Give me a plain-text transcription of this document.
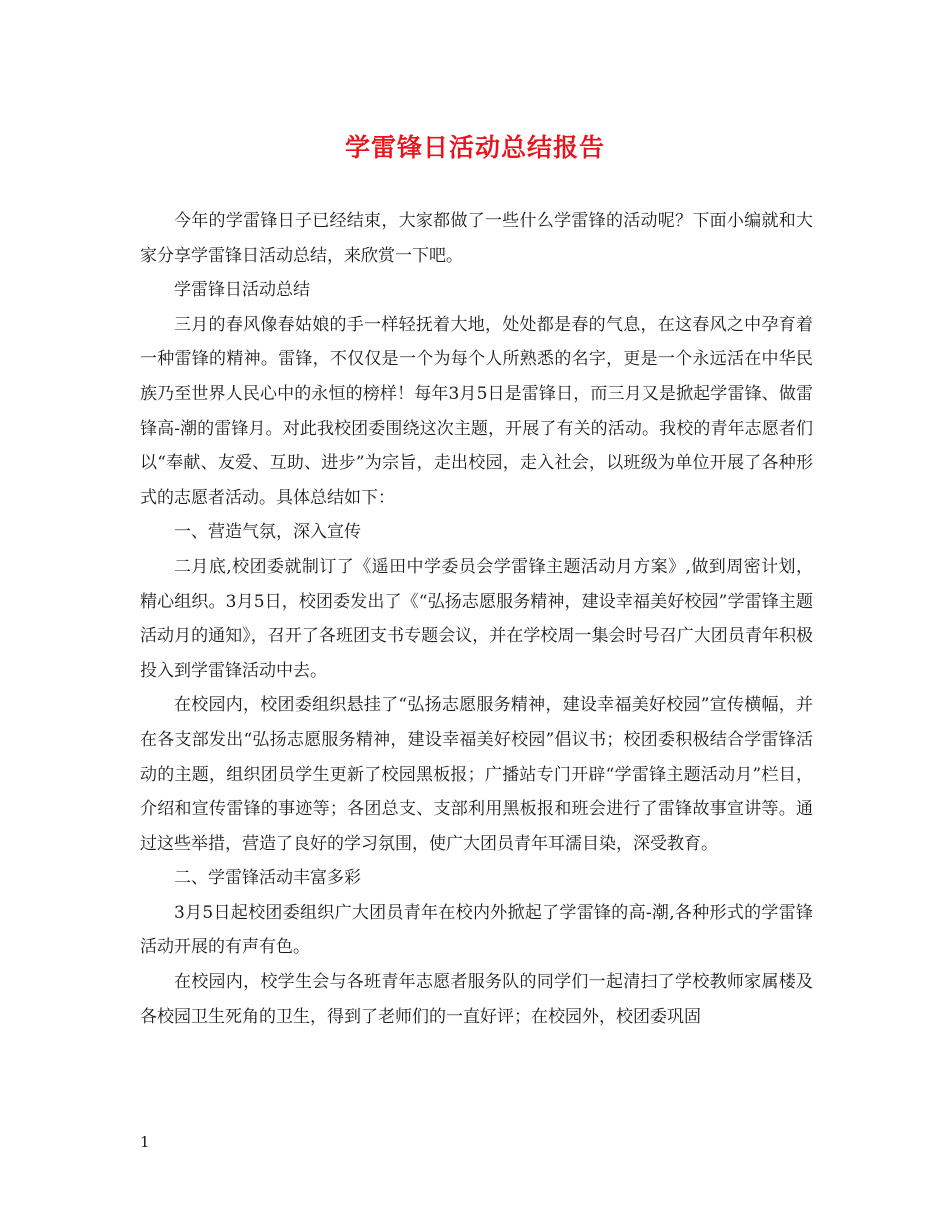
学雷锋日活动总结报告

今年的学雷锋日子已经结束，大家都做了一些什么学雷锋的活动呢？下面小编就和大家分享学雷锋日活动总结，来欣赏一下吧。

学雷锋日活动总结

三月的春风像春姑娘的手一样轻抚着大地，处处都是春的气息，在这春风之中孕育着一种雷锋的精神。雷锋，不仅仅是一个为每个人所熟悉的名字，更是一个永远活在中华民族乃至世界人民心中的永恒的榜样！每年3月5日是雷锋日，而三月又是掀起学雷锋、做雷锋高-潮的雷锋月。对此我校团委围绕这次主题，开展了有关的活动。我校的青年志愿者们以“奉献、友爱、互助、进步”为宗旨，走出校园，走入社会，以班级为单位开展了各种形式的志愿者活动。具体总结如下：

一、营造气氛，深入宣传

二月底,校团委就制订了《遥田中学委员会学雷锋主题活动月方案》,做到周密计划，精心组织。3月5日，校团委发出了《“弘扬志愿服务精神，建设幸福美好校园”学雷锋主题活动月的通知》，召开了各班团支书专题会议，并在学校周一集会时号召广大团员青年积极投入到学雷锋活动中去。

在校园内，校团委组织悬挂了“弘扬志愿服务精神，建设幸福美好校园”宣传横幅，并在各支部发出“弘扬志愿服务精神，建设幸福美好校园”倡议书；校团委积极结合学雷锋活动的主题，组织团员学生更新了校园黑板报；广播站专门开辟“学雷锋主题活动月”栏目，介绍和宣传雷锋的事迹等；各团总支、支部利用黑板报和班会进行了雷锋故事宣讲等。通过这些举措，营造了良好的学习氛围，使广大团员青年耳濡目染，深受教育。

二、学雷锋活动丰富多彩

3月5日起校团委组织广大团员青年在校内外掀起了学雷锋的高-潮,各种形式的学雷锋活动开展的有声有色。

在校园内，校学生会与各班青年志愿者服务队的同学们一起清扫了学校教师家属楼及各校园卫生死角的卫生，得到了老师们的一直好评；在校园外，校团委巩固

1
